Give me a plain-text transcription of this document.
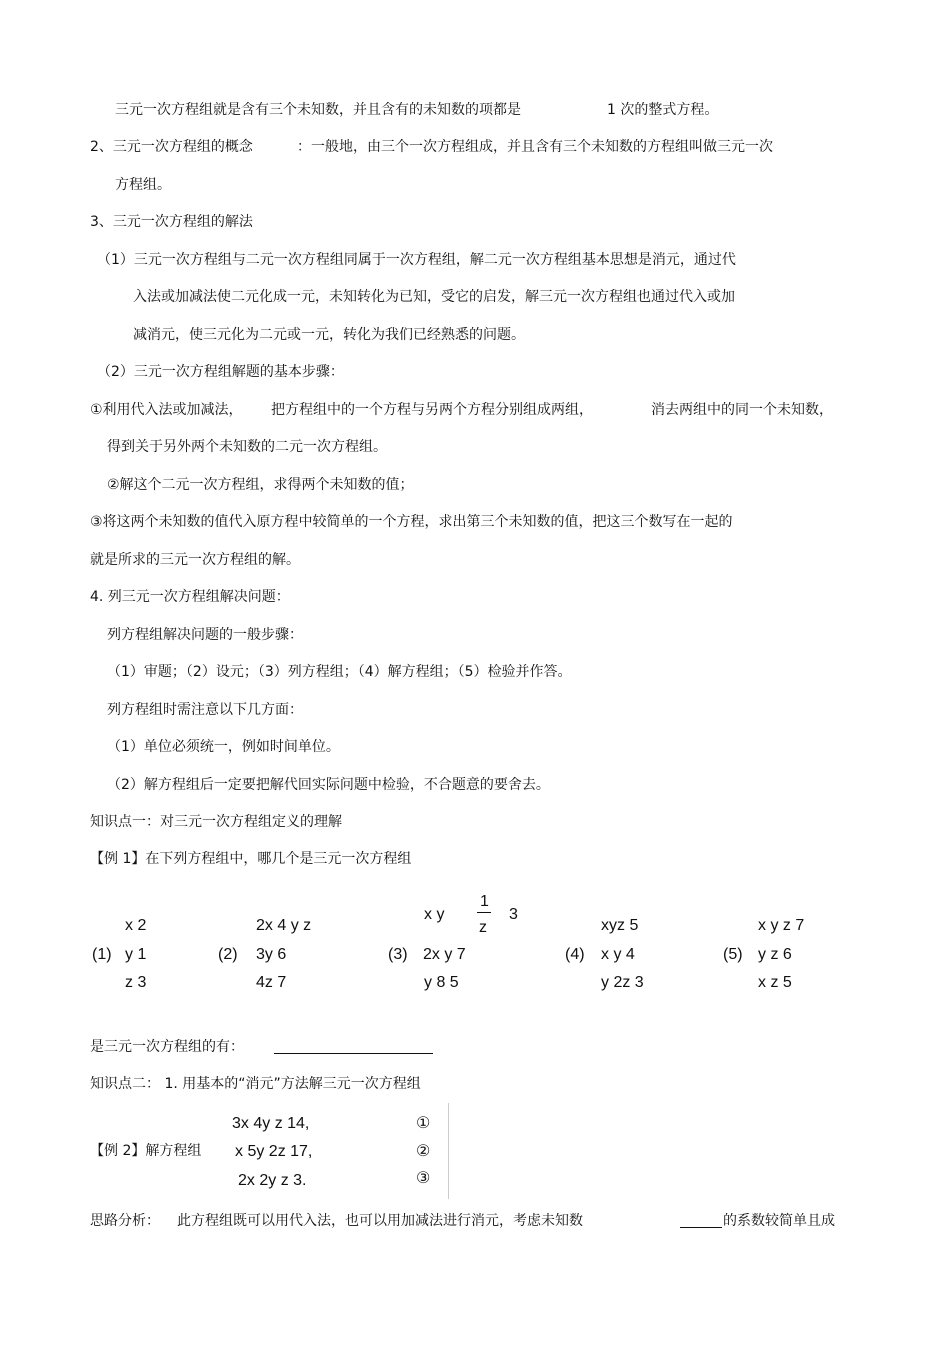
三元一次方程组就是含有三个未知数，并且含有的未知数的项都是	1 次的整式方程。
2、三元一次方程组的概念	：一般地，由三个一次方程组成，并且含有三个未知数的方程组叫做三元一次
方程组。
3、三元一次方程组的解法
（1）三元一次方程组与二元一次方程组同属于一次方程组，解二元一次方程组基本思想是消元，通过代
入法或加减法使二元化成一元，未知转化为已知，受它的启发，解三元一次方程组也通过代入或加
减消元，使三元化为二元或一元，转化为我们已经熟悉的问题。
（2）三元一次方程组解题的基本步骤：
①利用代入法或加减法， 把方程组中的一个方程与另两个方程分别组成两组，	消去两组中的同一个未知数，
得到关于另外两个未知数的二元一次方程组。
②解这个二元一次方程组，求得两个未知数的值；
③将这两个未知数的值代入原方程中较简单的一个方程，求出第三个未知数的值，把这三个数写在一起的
就是所求的三元一次方程组的解。
4. 列三元一次方程组解决问题：
列方程组解决问题的一般步骤：
（1）审题；（2）设元；（3）列方程组；（4）解方程组；（5）检验并作答。
列方程组时需注意以下几方面：
（1）单位必须统一，例如时间单位。
（2）解方程组后一定要把解代回实际问题中检验，不合题意的要舍去。
知识点一：对三元一次方程组定义的理解
【例 1】在下列方程组中，哪几个是三元一次方程组
x 2
(1) y 1
z 3
2x 4 y z
(2) 3y 6
4z 7
x y
1
z
3
(3) 2x y 7
y 8 5
xyz 5
(4) x y 4
y 2z 3
x y z 7
(5) y z 6
x z 5
是三元一次方程组的有：
知识点二： 1. 用基本的“消元”方法解三元一次方程组
【例 2】解方程组
3x 4y z 14,
x 5y 2z 17,
2x 2y z 3.
①
②
③
思路分析： 此方程组既可以用代入法，也可以用加减法进行消元，考虑未知数	的系数较简单且成
